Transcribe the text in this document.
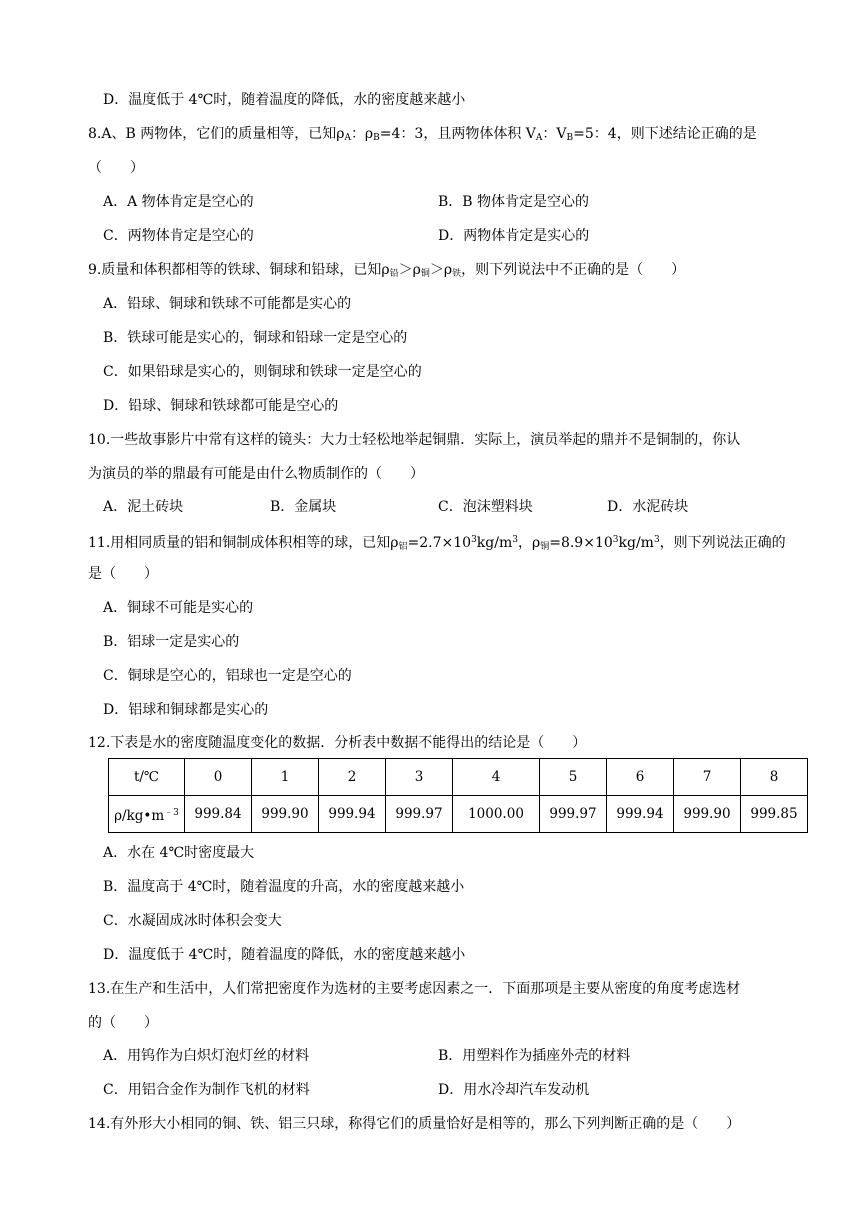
D．温度低于 4℃时，随着温度的降低，水的密度越来越小
8.A、B 两物体，它们的质量相等，已知$\rho_A$：$\rho_B=4$：3，且两物体体积 $V_A$：$V_B=5$：4，则下述结论正确的是
（　　）
A．A 物体肯定是空心的	B．B 物体肯定是空心的
C．两物体肯定是空心的	D．两物体肯定是实心的
9.质量和体积都相等的铁球、铜球和铅球，已知$\rho_铅>\rho_铜>\rho_铁$，则下列说法中不正确的是（　　）
A．铅球、铜球和铁球不可能都是实心的
B．铁球可能是实心的，铜球和铅球一定是空心的
C．如果铅球是实心的，则铜球和铁球一定是空心的
D．铅球、铜球和铁球都可能是空心的
10.一些故事影片中常有这样的镜头：大力士轻松地举起铜鼎．实际上，演员举起的鼎并不是铜制的，你认
为演员的举的鼎最有可能是由什么物质制作的（　　）
A．泥土砖块	B．金属块	C．泡沫塑料块	D．水泥砖块
11.用相同质量的铝和铜制成体积相等的球，已知$\rho_铝=2.7\times 10^3kg/m^3$，$\rho_铜=8.9\times 10^3kg/m^3$，则下列说法正确的
是（　　）
A．铜球不可能是实心的
B．铝球一定是实心的
C．铜球是空心的，铝球也一定是空心的
D．铝球和铜球都是实心的
12.下表是水的密度随温度变化的数据．分析表中数据不能得出的结论是（　　）
t/℃	0	1	2	3	4	5	6	7	8
$\rho/kg•m^{﹣3}$	999.84	999.90	999.94	999.97	1000.00	999.97	999.94	999.90	999.85
A．水在 4℃时密度最大
B．温度高于 4℃时，随着温度的升高，水的密度越来越小
C．水凝固成冰时体积会变大
D．温度低于 4℃时，随着温度的降低，水的密度越来越小
13.在生产和生活中，人们常把密度作为选材的主要考虑因素之一．下面那项是主要从密度的角度考虑选材
的（　　）
A．用钨作为白炽灯泡灯丝的材料	B．用塑料作为插座外壳的材料
C．用铝合金作为制作飞机的材料	D．用水冷却汽车发动机
14.有外形大小相同的铜、铁、铝三只球，称得它们的质量恰好是相等的，那么下列判断正确的是（　　）
